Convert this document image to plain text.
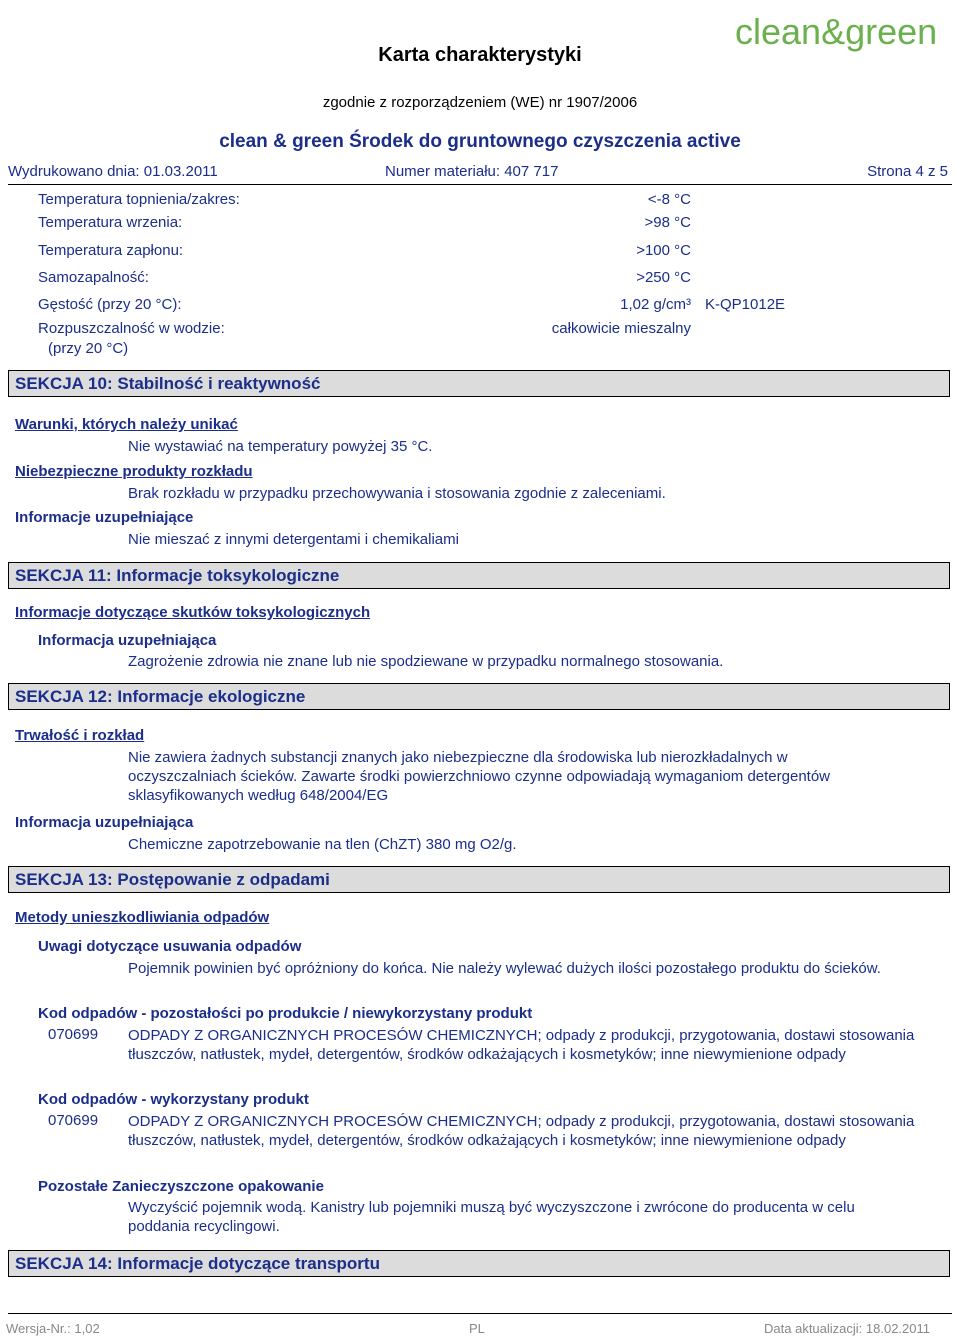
Karta charakterystyki
zgodnie z rozporządzeniem (WE) nr 1907/2006
clean&green
clean & green Środek do gruntownego czyszczenia active
Wydrukowano dnia: 01.03.2011	Numer materiału: 407 717	Strona 4 z 5
Temperatura topnienia/zakres:	<-8 °C
Temperatura wrzenia:	>98 °C
Temperatura zapłonu:	>100 °C
Samozapalność:	>250 °C
Gęstość (przy 20 °C):	1,02 g/cm³ K-QP1012E
Rozpuszczalność w wodzie:	całkowicie mieszalny
(przy 20 °C)
SEKCJA 10: Stabilność i reaktywność
Warunki, których należy unikać
Nie wystawiać na temperatury powyżej 35 °C.
Niebezpieczne produkty rozkładu
Brak rozkładu w przypadku przechowywania i stosowania zgodnie z zaleceniami.
Informacje uzupełniające
Nie mieszać z innymi detergentami i chemikaliami
SEKCJA 11: Informacje toksykologiczne
Informacje dotyczące skutków toksykologicznych
Informacja uzupełniająca
Zagrożenie zdrowia nie znane lub nie spodziewane w przypadku normalnego stosowania.
SEKCJA 12: Informacje ekologiczne
Trwałość i rozkład
Nie zawiera żadnych substancji znanych jako niebezpieczne dla środowiska lub nierozkładalnych w oczyszczalniach ścieków. Zawarte środki powierzchniowo czynne odpowiadają wymaganiom detergentów sklasyfikowanych według 648/2004/EG
Informacja uzupełniająca
Chemiczne zapotrzebowanie na tlen (ChZT) 380 mg O2/g.
SEKCJA 13: Postępowanie z odpadami
Metody unieszkodliwiania odpadów
Uwagi dotyczące usuwania odpadów
Pojemnik powinien być opróżniony do końca. Nie należy wylewać dużych ilości pozostałego produktu do ścieków.
Kod odpadów - pozostałości po produkcie / niewykorzystany produkt
070699 ODPADY Z ORGANICZNYCH PROCESÓW CHEMICZNYCH; odpady z produkcji, przygotowania, dostawi stosowania tłuszczów, natłustek, mydeł, detergentów, środków odkażających i kosmetyków; inne niewymienione odpady
Kod odpadów - wykorzystany produkt
070699 ODPADY Z ORGANICZNYCH PROCESÓW CHEMICZNYCH; odpady z produkcji, przygotowania, dostawi stosowania tłuszczów, natłustek, mydeł, detergentów, środków odkażających i kosmetyków; inne niewymienione odpady
Pozostałe Zanieczyszczone opakowanie
Wyczyścić pojemnik wodą. Kanistry lub pojemniki muszą być wyczyszczone i zwrócone do producenta w celu poddania recyclingowi.
SEKCJA 14: Informacje dotyczące transportu
Wersja-Nr.: 1,02	PL	Data aktualizacji: 18.02.2011
